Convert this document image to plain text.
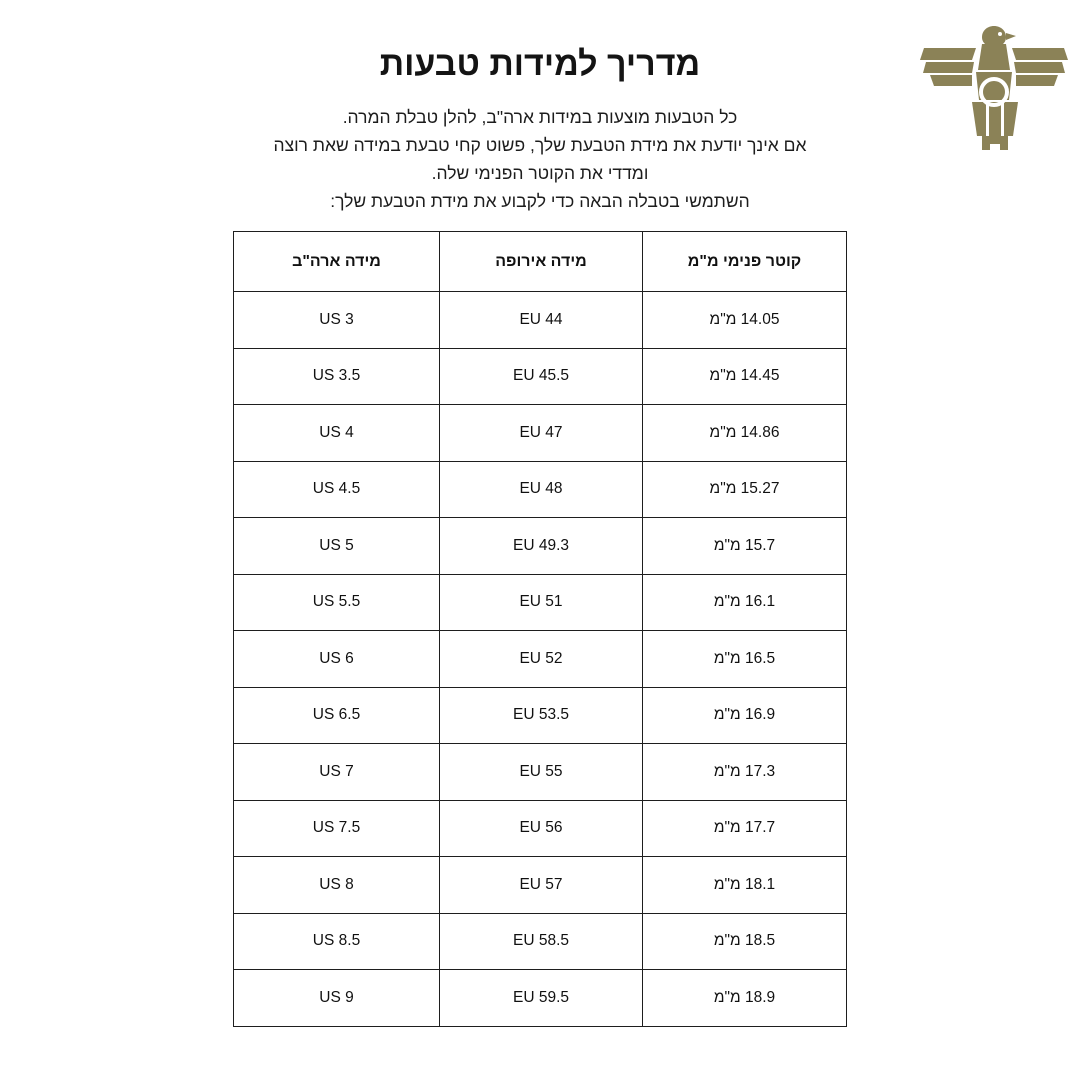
מדריך למידות טבעות

כל הטבעות מוצעות במידות ארה"ב, להלן טבלת המרה.

אם אינך יודעת את מידת הטבעת שלך, פשוט קחי טבעת במידה שאת רוצה

ומדדי את הקוטר הפנימי שלה.

השתמשי בטבלה הבאה כדי לקבוע את מידת הטבעת שלך:

קוטר פנימי מ"מ	מידה אירופה	מידה ארה"ב
14.05 מ"מ	44 EU	3 US
14.45 מ"מ	45.5 EU	3.5 US
14.86 מ"מ	47 EU	4 US
15.27 מ"מ	48 EU	4.5 US
15.7 מ"מ	49.3 EU	5 US
16.1 מ"מ	51 EU	5.5 US
16.5 מ"מ	52 EU	6 US
16.9 מ"מ	53.5 EU	6.5 US
17.3 מ"מ	55 EU	7 US
17.7 מ"מ	56 EU	7.5 US
18.1 מ"מ	57 EU	8 US
18.5 מ"מ	58.5 EU	8.5 US
18.9 מ"מ	59.5 EU	9 US
